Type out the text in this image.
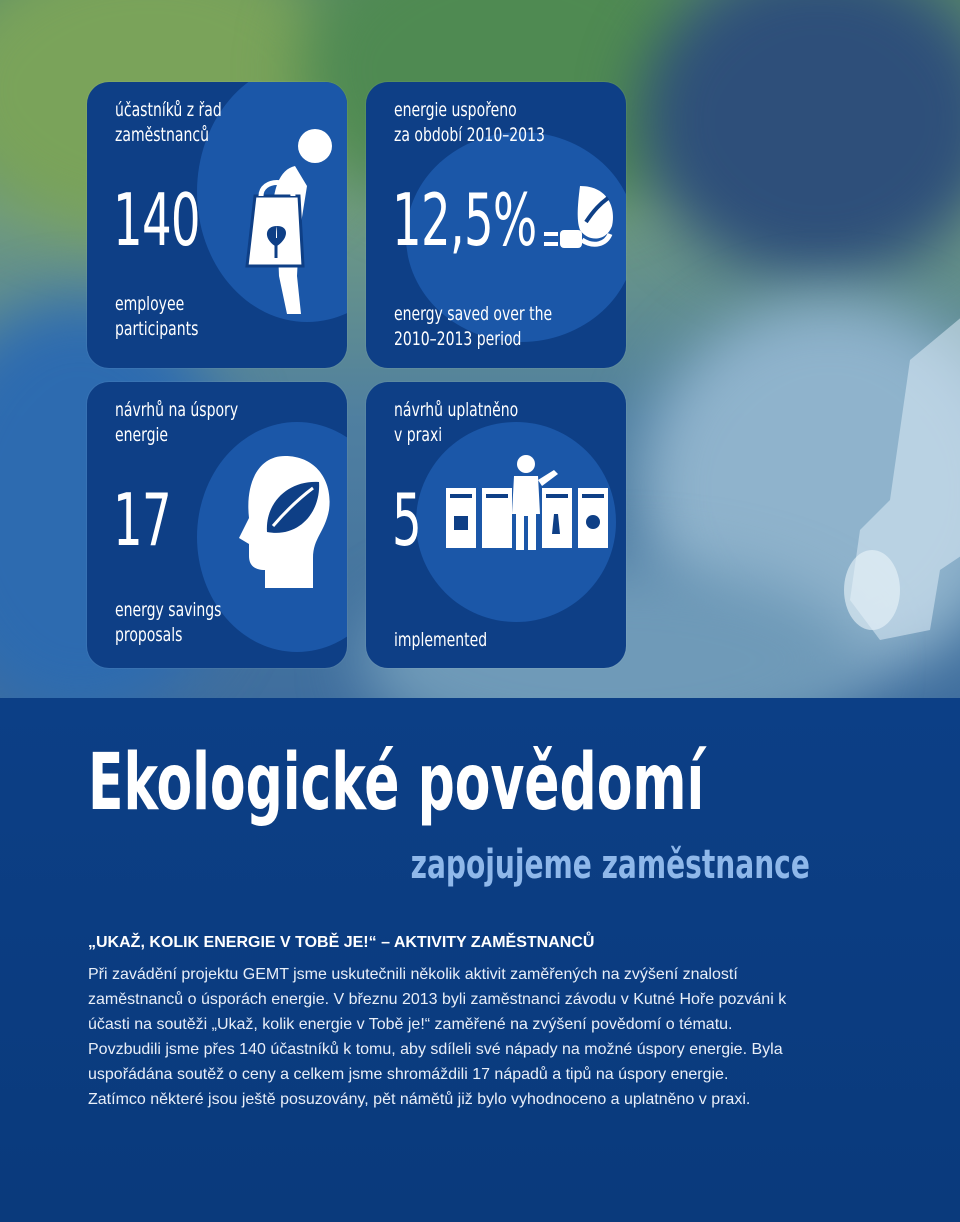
účastníků z řad
zaměstnanců
140
employee
participants
energie uspořeno
za období 2010–2013
12,5%
energy saved over the
2010–2013 period
návrhů na úspory
energie
17
energy savings
proposals
návrhů uplatněno
v praxi
5
implemented
Ekologické povědomí
zapojujeme zaměstnance
„UKAŽ, KOLIK ENERGIE V TOBĚ JE!“ – AKTIVITY ZAMĚSTNANCŮ
Při zavádění projektu GEMT jsme uskutečnili několik aktivit zaměřených na zvýšení znalostí zaměstnanců o úsporách energie. V březnu 2013 byli zaměstnanci závodu v Kutné Hoře pozváni k účasti na soutěži „Ukaž, kolik energie v Tobě je!“ zaměřené na zvýšení povědomí o tématu. Povzbudili jsme přes 140 účastníků k tomu, aby sdíleli své nápady na možné úspory energie. Byla uspořádána soutěž o ceny a celkem jsme shromáždili 17 nápadů a tipů na úspory energie. Zatímco některé jsou ještě posuzovány, pět námětů již bylo vyhodnoceno a uplatněno v praxi.
